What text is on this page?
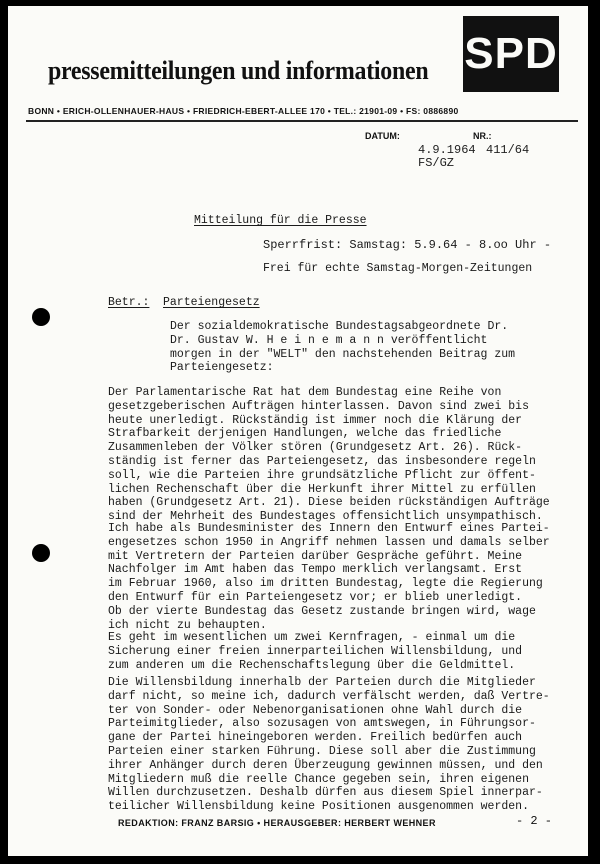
pressemitteilungen und informationen SPD
BONN • ERICH-OLLENHAUER-HAUS • FRIEDRICH-EBERT-ALLEE 170 • TEL.: 21901-09 • FS: 0886890
DATUM:	NR.:
4.9.1964 411/64
FS/GZ
Mitteilung für die Presse
Sperrfrist: Samstag: 5.9.64 - 8.oo Uhr -
Frei für echte Samstag-Morgen-Zeitungen
Betr.: Parteiengesetz
Der sozialdemokratische Bundestagsabgeordnete Dr.
Dr. Gustav W. H e i n e m a n n veröffentlicht
morgen in der "WELT" den nachstehenden Beitrag zum
Parteiengesetz:
Der Parlamentarische Rat hat dem Bundestag eine Reihe von
gesetzgeberischen Aufträgen hinterlassen. Davon sind zwei bis
heute unerledigt. Rückständig ist immer noch die Klärung der
Strafbarkeit derjenigen Handlungen, welche das friedliche
Zusammenleben der Völker stören (Grundgesetz Art. 26). Rück-
ständig ist ferner das Parteiengesetz, das insbesondere regeln
soll, wie die Parteien ihre grundsätzliche Pflicht zur öffent-
lichen Rechenschaft über die Herkunft ihrer Mittel zu erfüllen
haben (Grundgesetz Art. 21). Diese beiden rückständigen Aufträge
sind der Mehrheit des Bundestages offensichtlich unsympathisch.
Ich habe als Bundesminister des Innern den Entwurf eines Partei-
engesetzes schon 1950 in Angriff nehmen lassen und damals selber
mit Vertretern der Parteien darüber Gespräche geführt. Meine
Nachfolger im Amt haben das Tempo merklich verlangsamt. Erst
im Februar 1960, also im dritten Bundestag, legte die Regierung
den Entwurf für ein Parteiengesetz vor; er blieb unerledigt.
Ob der vierte Bundestag das Gesetz zustande bringen wird, wage
ich nicht zu behaupten.
Es geht im wesentlichen um zwei Kernfragen, - einmal um die
Sicherung einer freien innerparteilichen Willensbildung, und
zum anderen um die Rechenschaftslegung über die Geldmittel.
Die Willensbildung innerhalb der Parteien durch die Mitglieder
darf nicht, so meine ich, dadurch verfälscht werden, daß Vertre-
ter von Sonder- oder Nebenorganisationen ohne Wahl durch die
Parteimitglieder, also sozusagen von amtswegen, in Führungsor-
gane der Partei hineingeboren werden. Freilich bedürfen auch
Parteien einer starken Führung. Diese soll aber die Zustimmung
ihrer Anhänger durch deren Überzeugung gewinnen müssen, und den
Mitgliedern muß die reelle Chance gegeben sein, ihren eigenen
Willen durchzusetzen. Deshalb dürfen aus diesem Spiel innerpar-
teilicher Willensbildung keine Positionen ausgenommen werden.
REDAKTION: FRANZ BARSIG • HERAUSGEBER: HERBERT WEHNER	- 2 -
